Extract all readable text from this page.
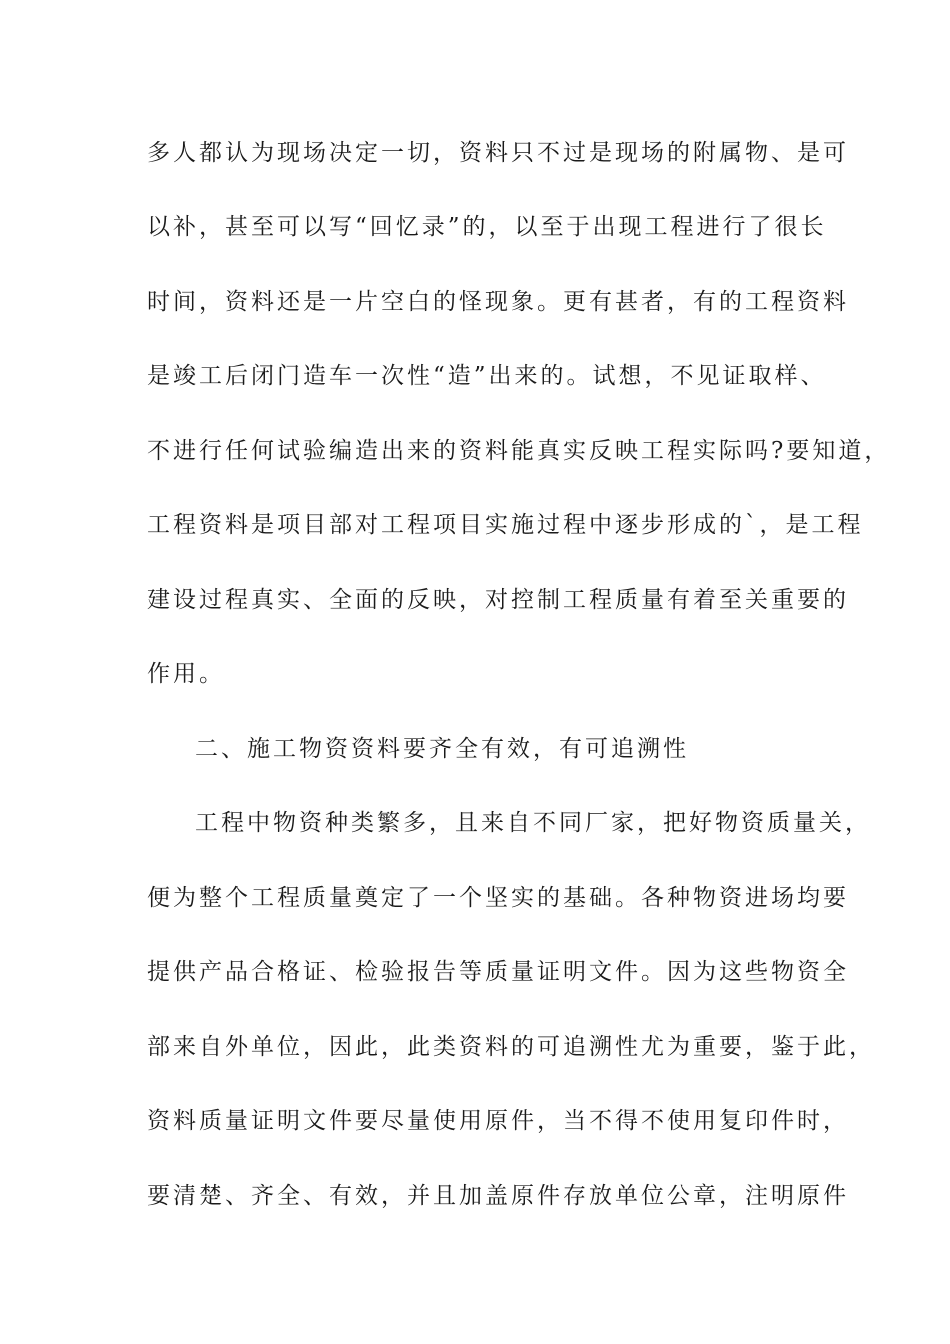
多人都认为现场决定一切，资料只不过是现场的附属物、是可
以补，甚至可以写“回忆录”的，以至于出现工程进行了很长
时间，资料还是一片空白的怪现象。更有甚者，有的工程资料
是竣工后闭门造车一次性“造”出来的。试想，不见证取样、
不进行任何试验编造出来的资料能真实反映工程实际吗?要知道，
工程资料是项目部对工程项目实施过程中逐步形成的`，是工程
建设过程真实、全面的反映，对控制工程质量有着至关重要的
作用。
二、施工物资资料要齐全有效，有可追溯性
工程中物资种类繁多，且来自不同厂家，把好物资质量关，
便为整个工程质量奠定了一个坚实的基础。各种物资进场均要
提供产品合格证、检验报告等质量证明文件。因为这些物资全
部来自外单位，因此，此类资料的可追溯性尤为重要，鉴于此，
资料质量证明文件要尽量使用原件，当不得不使用复印件时，
要清楚、齐全、有效，并且加盖原件存放单位公章，注明原件
